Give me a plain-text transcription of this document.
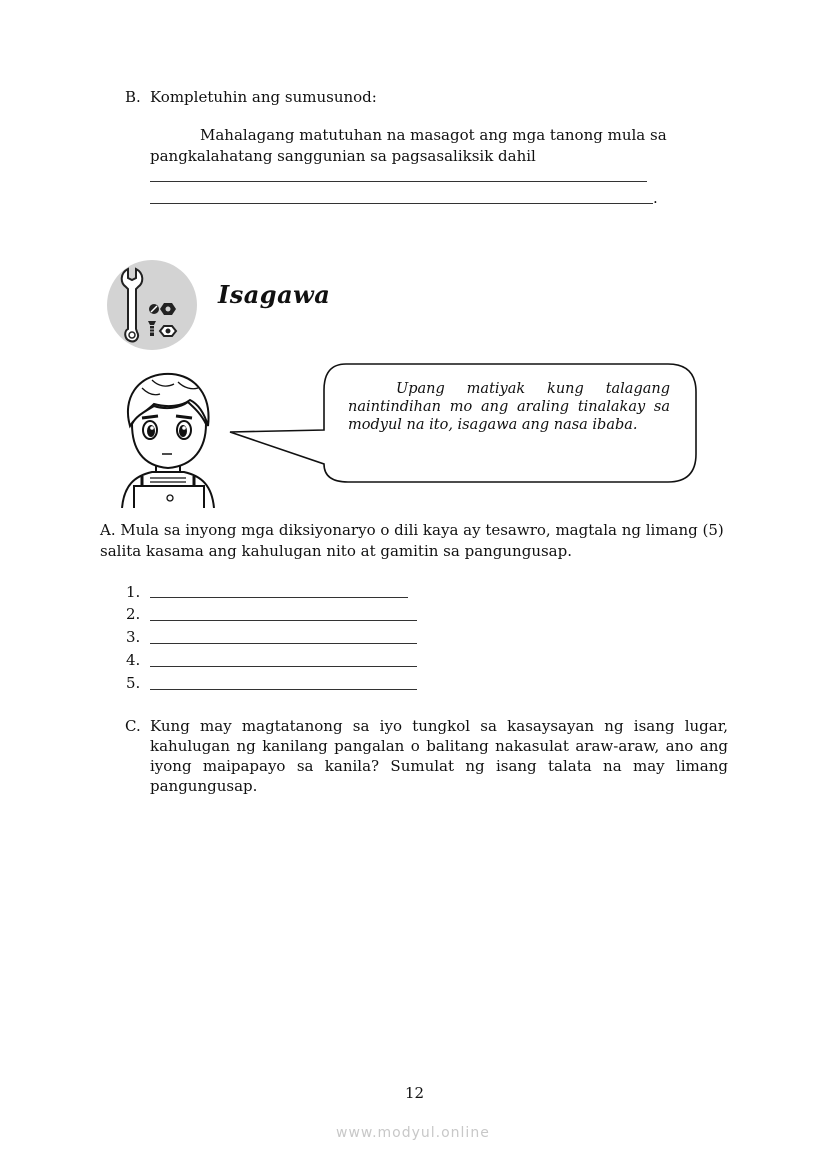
B. Kompletuhin ang sumusunod:
Mahalagang matutuhan na masagot ang mga tanong mula sa
pangkalahatang sanggunian sa pagsasaliksik dahil
.
Isagawa
Upang matiyak kung talagang naintindihan mo ang araling tinalakay sa modyul na ito, isagawa ang nasa ibaba.
A. Mula sa inyong mga diksiyonaryo o dili kaya ay tesawro, magtala ng limang (5)
salita kasama ang kahulugan nito at gamitin sa pangungusap.
1.
2.
3.
4.
5.
C. Kung may magtatanong sa iyo tungkol sa kasaysayan ng isang lugar, kahulugan ng kanilang pangalan o balitang nakasulat araw-araw, ano ang iyong maipapayo sa kanila? Sumulat ng isang talata na may limang pangungusap.
12
www.modyul.online
